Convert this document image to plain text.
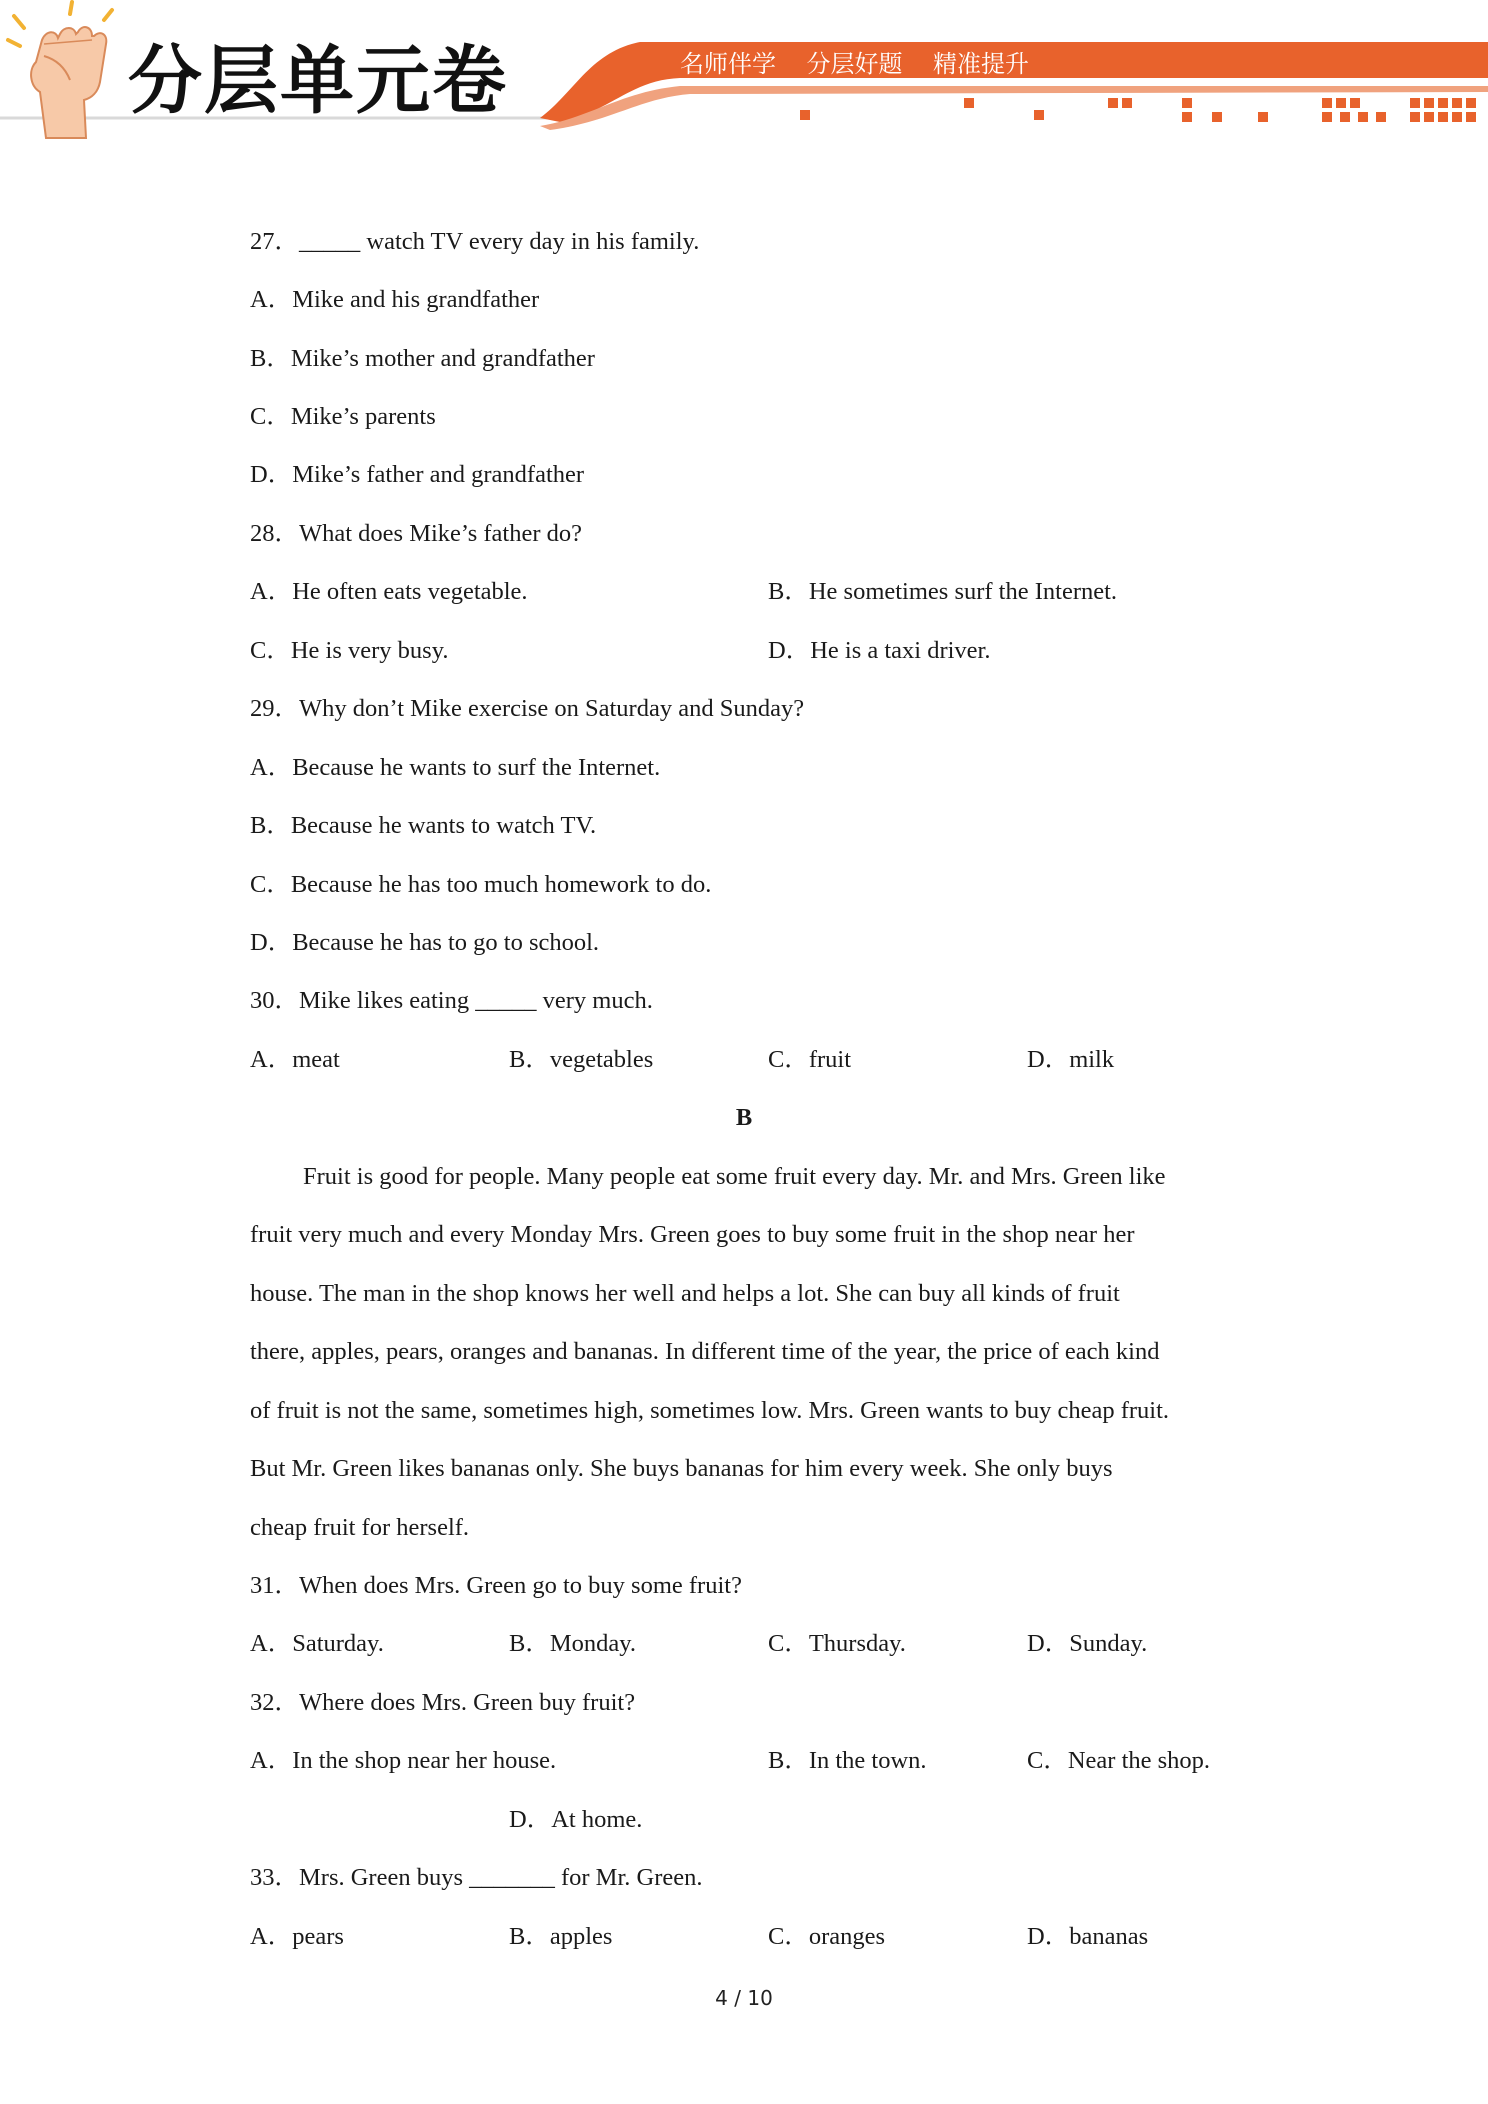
分层单元卷	名师伴学    分层好题    精准提升
27．_____ watch TV every day in his family.
A．Mike and his grandfather
B．Mike’s mother and grandfather
C．Mike’s parents
D．Mike’s father and grandfather
28．What does Mike’s father do?
A．He often eats vegetable.	B．He sometimes surf the Internet.
C．He is very busy.	D．He is a taxi driver.
29．Why don’t Mike exercise on Saturday and Sunday?
A．Because he wants to surf the Internet.
B．Because he wants to watch TV.
C．Because he has too much homework to do.
D．Because he has to go to school.
30．Mike likes eating _____ very much.
A．meat	B．vegetables	C．fruit	D．milk
B
Fruit is good for people. Many people eat some fruit every day. Mr. and Mrs. Green like
fruit very much and every Monday Mrs. Green goes to buy some fruit in the shop near her
house. The man in the shop knows her well and helps a lot. She can buy all kinds of fruit
there, apples, pears, oranges and bananas. In different time of the year, the price of each kind
of fruit is not the same, sometimes high, sometimes low. Mrs. Green wants to buy cheap fruit.
But Mr. Green likes bananas only. She buys bananas for him every week. She only buys
cheap fruit for herself.
31．When does Mrs. Green go to buy some fruit?
A．Saturday.	B．Monday.	C．Thursday.	D．Sunday.
32．Where does Mrs. Green buy fruit?
A．In the shop near her house.	B．In the town.	C．Near the shop.
D．At home.
33．Mrs. Green buys _______ for Mr. Green.
A．pears	B．apples	C．oranges	D．bananas
4 / 10
